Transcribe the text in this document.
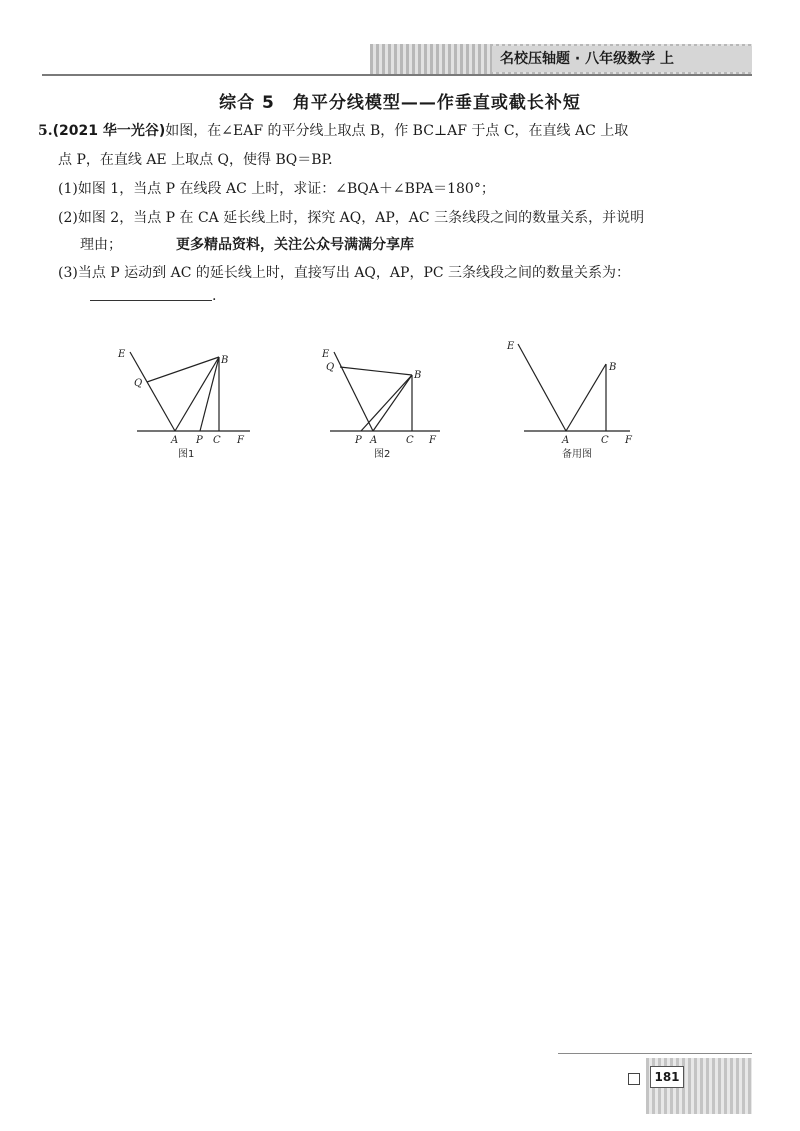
名校压轴题 · 八年级数学 上
综合 5　角平分线模型——作垂直或截长补短
5.(2021 华一光谷)如图，在∠EAF 的平分线上取点 B，作 BC⊥AF 于点 C，在直线 AC 上取
点 P，在直线 AE 上取点 Q，使得 BQ＝BP.
(1)如图 1，当点 P 在线段 AC 上时，求证：∠BQA＋∠BPA＝180°；
(2)如图 2，当点 P 在 CA 延长线上时，探究 AQ，AP，AC 三条线段之间的数量关系，并说明
理由；	更多精品资料，关注公众号满满分享库
(3)当点 P 运动到 AC 的延长线上时，直接写出 AQ，AP，PC 三条线段之间的数量关系为：
.
E
Q
B
A P C F
图1
E
Q
B
P A	C F
图2
E
B
A	C F
备用图
181
